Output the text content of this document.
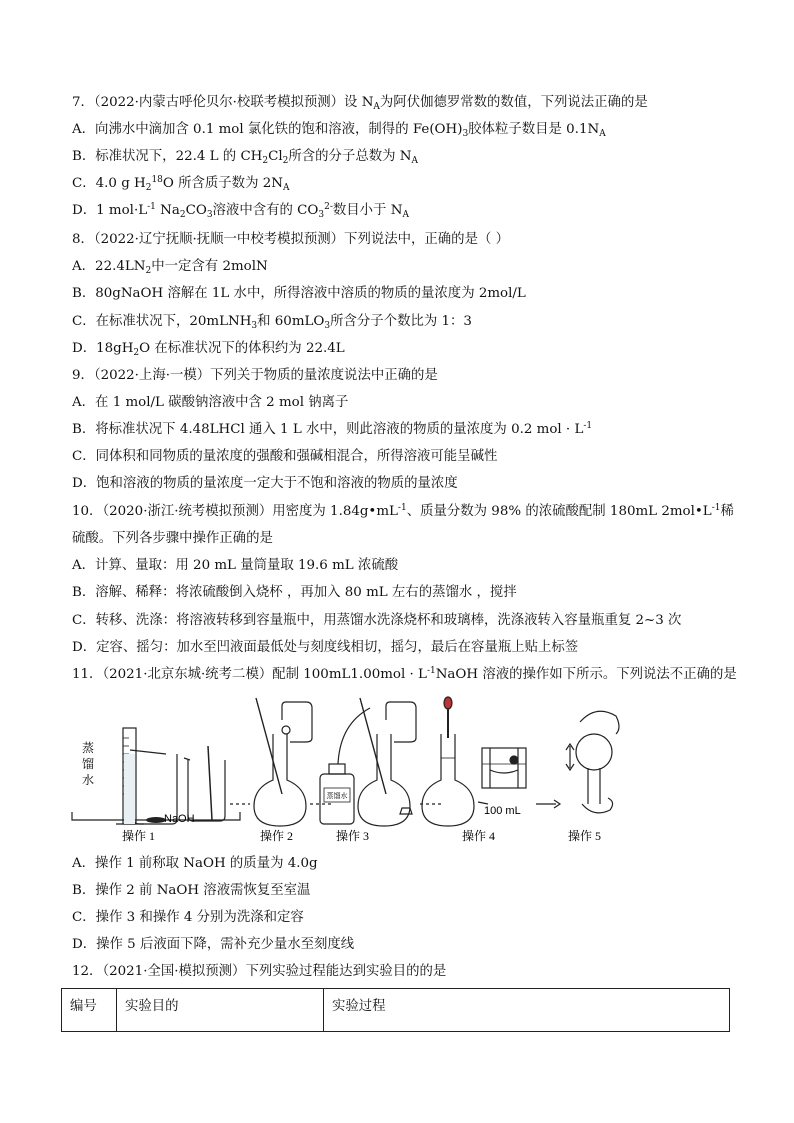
7．（2022·内蒙古呼伦贝尔·校联考模拟预测）设 $N_A$为阿伏伽德罗常数的数值，下列说法正确的是
A．向沸水中滴加含 0.1 mol 氯化铁的饱和溶液，制得的 $Fe(OH)_3$胶体粒子数目是 $0.1N_A$
B．标准状况下，22.4 L 的 $CH_2Cl_2$所含的分子总数为 $N_A$
C．4.0 g $H_2^{18}O$ 所含质子数为 $2N_A$
D．1 $mol\cdot L^{-1}$ $Na_2CO_3$溶液中含有的 $CO_3^{2-}$数目小于 $N_A$
8．（2022·辽宁抚顺·抚顺一中校考模拟预测）下列说法中，正确的是（ ）
A．$22.4LN_2$中一定含有 2molN
B．80gNaOH 溶解在 1L 水中，所得溶液中溶质的物质的量浓度为 2mol/L
C．在标准状况下，20mLNH$_3$和 60mLO$_3$所含分子个数比为 1：3
D．$18gH_2O$ 在标准状况下的体积约为 22.4L
9．（2022·上海·一模）下列关于物质的量浓度说法中正确的是
A．在 1 mol/L 碳酸钠溶液中含 2 mol 钠离子
B．将标准状况下 4.48LHCl 通入 1 L 水中，则此溶液的物质的量浓度为 0.2 mol · $L^{-1}$
C．同体积和同物质的量浓度的强酸和强碱相混合，所得溶液可能呈碱性
D．饱和溶液的物质的量浓度一定大于不饱和溶液的物质的量浓度
10．（2020·浙江·统考模拟预测）用密度为 $1.84g•mL^{-1}$、质量分数为 98% 的浓硫酸配制 180mL $2mol•L^{-1}$稀
硫酸。下列各步骤中操作正确的是
A．计算、量取：用 20 mL 量筒量取 19.6 mL 浓硫酸
B．溶解、稀释：将浓硫酸倒入烧杯 ，再加入 80 mL 左右的蒸馏水 ，搅拌
C．转移、洗涤：将溶液转移到容量瓶中，用蒸馏水洗涤烧杯和玻璃棒，洗涤液转入容量瓶重复 2~3 次
D．定容、摇匀：加水至凹液面最低处与刻度线相切，摇匀，最后在容量瓶上贴上标签
11．（2021·北京东城·统考二模）配制 $100mL1.00mol \cdot L^{-1}NaOH$ 溶液的操作如下所示。下列说法不正确的是
蒸馏水
蒸馏水
NaOH
100 mL
操作 1	操作 2	操作 3	操作 4	操作 5
A．操作 1 前称取 NaOH 的质量为 4.0g
B．操作 2 前 NaOH 溶液需恢复至室温
C．操作 3 和操作 4 分别为洗涤和定容
D．操作 5 后液面下降，需补充少量水至刻度线
12．（2021·全国·模拟预测）下列实验过程能达到实验目的的是
编号	实验目的	实验过程
